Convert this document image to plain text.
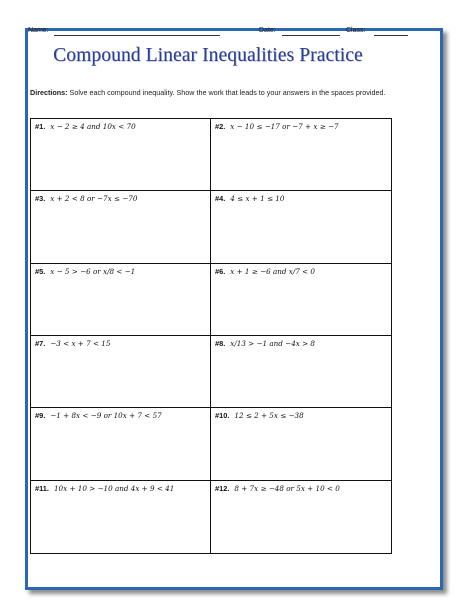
Name:	Date:	Class:
Compound Linear Inequalities Practice
Directions: Solve each compound inequality. Show the work that leads to your answers in the spaces provided.
#1. x − 2 ≥ 4 and 10x < 70	#2. x − 10 ≤ −17 or −7 + x ≥ −7
#3. x + 2 < 8 or −7x ≤ −70	#4. 4 ≤ x + 1 ≤ 10
#5. x − 5 > −6 or x/8 < −1	#6. x + 1 ≥ −6 and x/7 < 0
#7. −3 < x + 7 < 15	#8. x/13 > −1 and −4x > 8
#9. −1 + 8x < −9 or 10x + 7 < 57	#10. 12 ≤ 2 + 5x ≤ −38
#11. 10x + 10 > −10 and 4x + 9 < 41	#12. 8 + 7x ≥ −48 or 5x + 10 < 0
